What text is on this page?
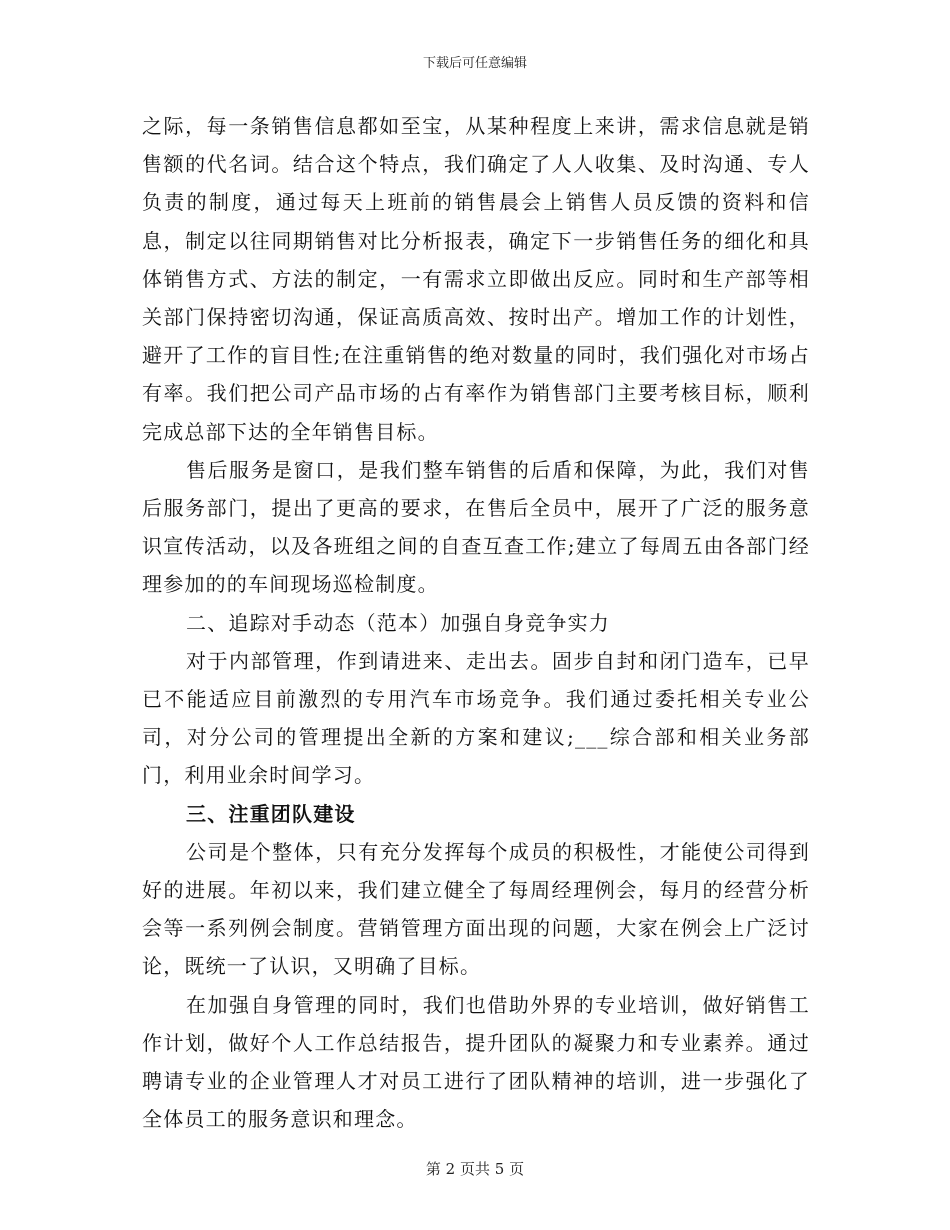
下载后可任意编辑

之际，每一条销售信息都如至宝，从某种程度上来讲，需求信息就是销售额的代名词。结合这个特点，我们确定了人人收集、及时沟通、专人负责的制度，通过每天上班前的销售晨会上销售人员反馈的资料和信息，制定以往同期销售对比分析报表，确定下一步销售任务的细化和具体销售方式、方法的制定，一有需求立即做出反应。同时和生产部等相关部门保持密切沟通，保证高质高效、按时出产。增加工作的计划性，避开了工作的盲目性;在注重销售的绝对数量的同时，我们强化对市场占有率。我们把公司产品市场的占有率作为销售部门主要考核目标，顺利完成总部下达的全年销售目标。

售后服务是窗口，是我们整车销售的后盾和保障，为此，我们对售后服务部门，提出了更高的要求，在售后全员中，展开了广泛的服务意识宣传活动，以及各班组之间的自查互查工作;建立了每周五由各部门经理参加的的车间现场巡检制度。

二、追踪对手动态（范本）加强自身竞争实力

对于内部管理，作到请进来、走出去。固步自封和闭门造车，已早已不能适应目前激烈的专用汽车市场竞争。我们通过委托相关专业公司，对分公司的管理提出全新的方案和建议;___综合部和相关业务部门，利用业余时间学习。

三、注重团队建设

公司是个整体，只有充分发挥每个成员的积极性，才能使公司得到好的进展。年初以来，我们建立健全了每周经理例会，每月的经营分析会等一系列例会制度。营销管理方面出现的问题，大家在例会上广泛讨论，既统一了认识，又明确了目标。

在加强自身管理的同时，我们也借助外界的专业培训，做好销售工作计划，做好个人工作总结报告，提升团队的凝聚力和专业素养。通过聘请专业的企业管理人才对员工进行了团队精神的培训，进一步强化了全体员工的服务意识和理念。

第 2 页共 5 页
